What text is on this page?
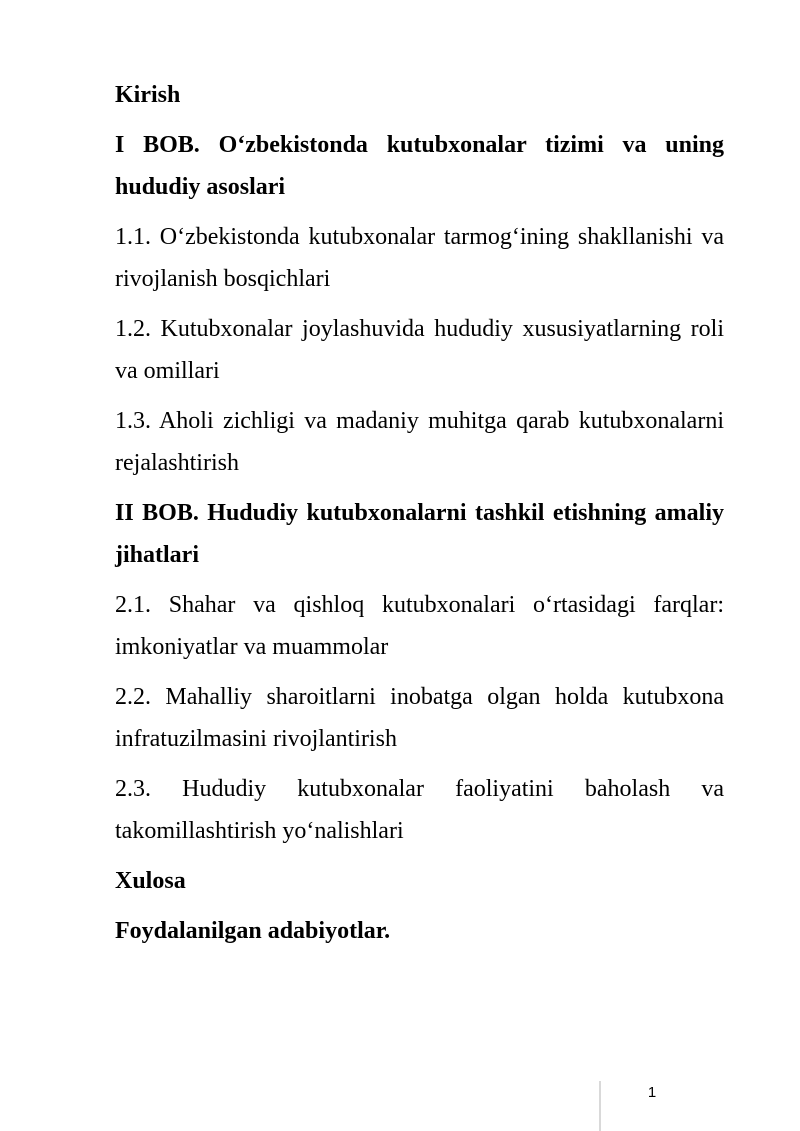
Kirish

I BOB. O‘zbekistonda kutubxonalar tizimi va uning hududiy asoslari

1.1. O‘zbekistonda kutubxonalar tarmog‘ining shakllanishi va rivojlanish bosqichlari

1.2. Kutubxonalar joylashuvida hududiy xususiyatlarning roli va omillari

1.3. Aholi zichligi va madaniy muhitga qarab kutubxonalarni rejalashtirish

II BOB. Hududiy kutubxonalarni tashkil etishning amaliy jihatlari

2.1. Shahar va qishloq kutubxonalari o‘rtasidagi farqlar: imkoniyatlar va muammolar

2.2. Mahalliy sharoitlarni inobatga olgan holda kutubxona infratuzilmasini rivojlantirish

2.3. Hududiy kutubxonalar faoliyatini baholash va takomillashtirish yo‘nalishlari

Xulosa

Foydalanilgan adabiyotlar.

1
